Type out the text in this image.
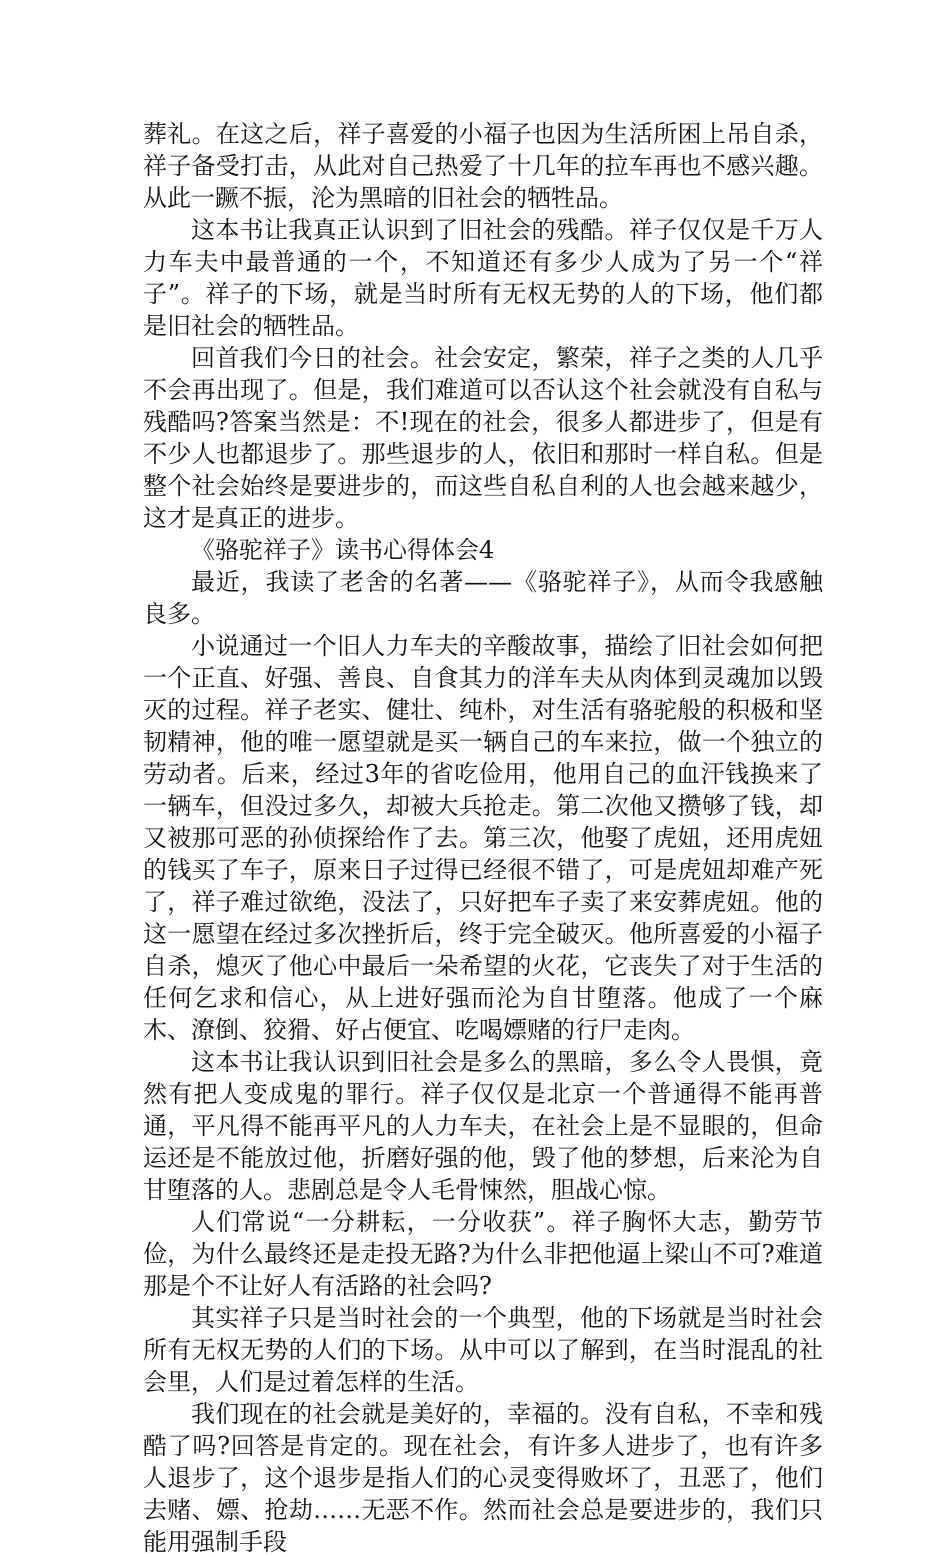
葬礼。在这之后，祥子喜爱的小福子也因为生活所困上吊自杀，祥子备受打击，从此对自己热爱了十几年的拉车再也不感兴趣。从此一蹶不振，沦为黑暗的旧社会的牺牲品。

这本书让我真正认识到了旧社会的残酷。祥子仅仅是千万人力车夫中最普通的一个，不知道还有多少人成为了另一个“祥子”。祥子的下场，就是当时所有无权无势的人的下场，他们都是旧社会的牺牲品。

回首我们今日的社会。社会安定，繁荣，祥子之类的人几乎不会再出现了。但是，我们难道可以否认这个社会就没有自私与残酷吗?答案当然是：不!现在的社会，很多人都进步了，但是有不少人也都退步了。那些退步的人，依旧和那时一样自私。但是整个社会始终是要进步的，而这些自私自利的人也会越来越少，这才是真正的进步。

《骆驼祥子》读书心得体会4

最近，我读了老舍的名著——《骆驼祥子》，从而令我感触良多。

小说通过一个旧人力车夫的辛酸故事，描绘了旧社会如何把一个正直、好强、善良、自食其力的洋车夫从肉体到灵魂加以毁灭的过程。祥子老实、健壮、纯朴，对生活有骆驼般的积极和坚韧精神，他的唯一愿望就是买一辆自己的车来拉，做一个独立的劳动者。后来，经过3年的省吃俭用，他用自己的血汗钱换来了一辆车，但没过多久，却被大兵抢走。第二次他又攒够了钱，却又被那可恶的孙侦探给作了去。第三次，他娶了虎妞，还用虎妞的钱买了车子，原来日子过得已经很不错了，可是虎妞却难产死了，祥子难过欲绝，没法了，只好把车子卖了来安葬虎妞。他的这一愿望在经过多次挫折后，终于完全破灭。他所喜爱的小福子自杀，熄灭了他心中最后一朵希望的火花，它丧失了对于生活的任何乞求和信心，从上进好强而沦为自甘堕落。他成了一个麻木、潦倒、狡猾、好占便宜、吃喝嫖赌的行尸走肉。

这本书让我认识到旧社会是多么的黑暗，多么令人畏惧，竟然有把人变成鬼的罪行。祥子仅仅是北京一个普通得不能再普通，平凡得不能再平凡的人力车夫，在社会上是不显眼的，但命运还是不能放过他，折磨好强的他，毁了他的梦想，后来沦为自甘堕落的人。悲剧总是令人毛骨悚然，胆战心惊。

人们常说“一分耕耘，一分收获”。祥子胸怀大志，勤劳节俭，为什么最终还是走投无路?为什么非把他逼上梁山不可?难道那是个不让好人有活路的社会吗?

其实祥子只是当时社会的一个典型，他的下场就是当时社会所有无权无势的人们的下场。从中可以了解到，在当时混乱的社会里，人们是过着怎样的生活。

我们现在的社会就是美好的，幸福的。没有自私，不幸和残酷了吗?回答是肯定的。现在社会，有许多人进步了，也有许多人退步了，这个退步是指人们的心灵变得败坏了，丑恶了，他们去赌、嫖、抢劫……无恶不作。然而社会总是要进步的，我们只能用强制手段
